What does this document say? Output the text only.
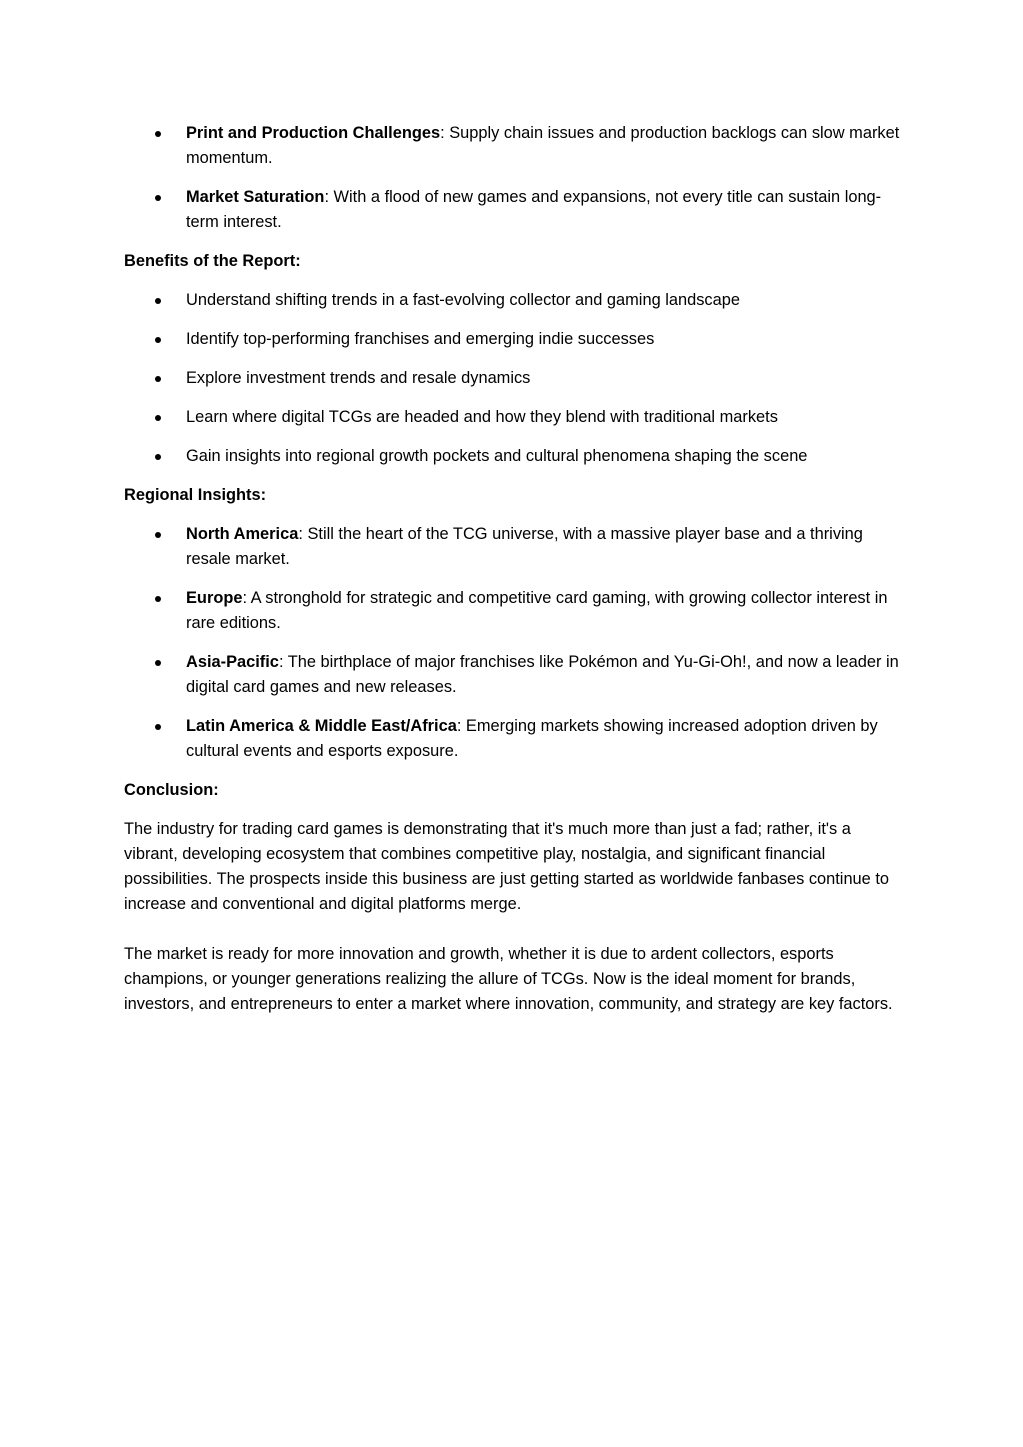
Print and Production Challenges: Supply chain issues and production backlogs can slow market momentum.
Market Saturation: With a flood of new games and expansions, not every title can sustain long-term interest.

Benefits of the Report:

Understand shifting trends in a fast-evolving collector and gaming landscape
Identify top-performing franchises and emerging indie successes
Explore investment trends and resale dynamics
Learn where digital TCGs are headed and how they blend with traditional markets
Gain insights into regional growth pockets and cultural phenomena shaping the scene

Regional Insights:

North America: Still the heart of the TCG universe, with a massive player base and a thriving resale market.
Europe: A stronghold for strategic and competitive card gaming, with growing collector interest in rare editions.
Asia-Pacific: The birthplace of major franchises like Pokémon and Yu-Gi-Oh!, and now a leader in digital card games and new releases.
Latin America & Middle East/Africa: Emerging markets showing increased adoption driven by cultural events and esports exposure.

Conclusion:

The industry for trading card games is demonstrating that it's much more than just a fad; rather, it's a vibrant, developing ecosystem that combines competitive play, nostalgia, and significant financial possibilities. The prospects inside this business are just getting started as worldwide fanbases continue to increase and conventional and digital platforms merge.

The market is ready for more innovation and growth, whether it is due to ardent collectors, esports champions, or younger generations realizing the allure of TCGs. Now is the ideal moment for brands, investors, and entrepreneurs to enter a market where innovation, community, and strategy are key factors.
